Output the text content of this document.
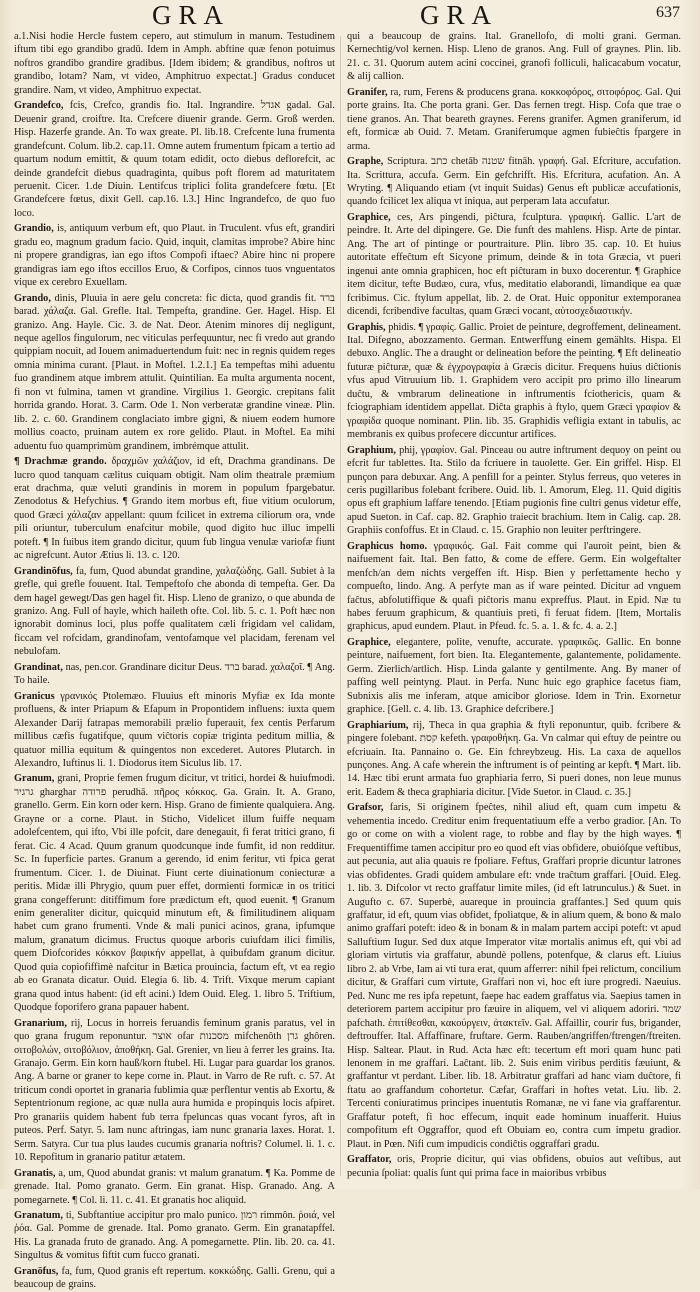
GRA	GRA	637

a.1.Nisi hodie Hercle fustem cepero, aut stimulum in manum. Testudinem iftum tibi ego grandibo gradū. Idem in Amph. abftine quæ fenon potuimus noftros grandibo grandire gradibus. [Idem ibidem; & grandibus, noftros ut grandibo, lotam? Nam, vt video, Amphitruo expectat.] Gradus conducet grandire. Nam, vt video, Amphitruo expectat.

Grandefco, fcis, Crefco, grandis fio. Ital. Ingrandire. אגדל gadal. Gal. Deuenir grand, croiftre. Ita. Crefcere diuenir grande. Germ. Groß werden. Hisp. Hazerfe grande. An. To wax greate. Pl. lib.18. Crefcente luna frumenta grandefcunt. Colum. lib.2. cap.11. Omne autem frumentum fpicam a tertio ad quartum nodum emittit, & quum totam edidit, octo diebus deflorefcit, ac deinde grandefcit diebus quadraginta, quibus poft florem ad maturitatem peruenit. Cicer. 1.de Diuin. Lentifcus triplici folita grandefcere fœtu. [Et Grandefcere fœtus, dixit Gell. cap.16. l.3.] Hinc Ingrandefco, de quo fuo loco.

Grandio, is, antiquum verbum eft, quo Plaut. in Truculent. vfus eft, grandiri gradu eo, magnum gradum facio. Quid, inquit, clamitas improbe? Abire hinc ni propere grandigras, ian ego iftos Compofi iftaec? Abire hinc ni propere grandigras iam ego iftos eccillos Eruo, & Corfipos, cinnos tuos vnguentatos vique ex cerebro Exuellam.

Grando, dinis, Pluuia in aere gelu concreta: fic dicta, quod grandis fit. ברד barad. χάλαζα. Gal. Grefle. Ital. Tempefta, grandine. Ger. Hagel. Hisp. El granizo. Ang. Hayle. Cic. 3. de Nat. Deor. Atenim minores dij negligunt, neque agellos fingulorum, nec viticulas perfequuntur, nec fi vredo aut grando quippiam nocuit, ad Iouem animaduertendum fuit: nec in regnis quidem reges omnia minima curant. [Plaut. in Moftel. 1.2.1.] Ea tempeftas mihi aduentu fuo grandinem atque imbrem attulit. Quintilian. Ea multa argumenta nocent, fi non vt fulmina, tamen vt grandine. Virgilius 1. Georgic. crepitans falit horrida grando. Horat. 3. Carm. Ode 1. Non verberatæ grandine vineæ. Plin. lib. 2. c. 60. Grandinem conglaciato imbre gigni, & niuem eodem humore mollius coacto, pruinam autem ex rore gelido. Plaut. in Moftel. Ea mihi aduentu fuo quamprimùm grandinem, imbrémque attulit.

¶ Drachmæ grando. δραχμῶν χαλάζιον, id eft, Drachma grandinans. De lucro quod tanquam cælitus cuiquam obtigit. Nam olim theatrale præmium erat drachma, quæ veluti grandinis in morem in populum fpargebatur. Zenodotus & Hefychius. ¶ Grando item morbus eft, fiue vitium oculorum, quod Græci χάλαζαν appellant: quum fcilicet in extrema ciliorum ora, vnde pili oriuntur, tuberculum enafcitur mobile, quod digito huc illuc impelli poteft. ¶ In fuibus item grando dicitur, quum fub lingua venulæ variofæ fiunt ac nigrefcunt. Autor Ætius li. 13. c. 120.

Grandinōfus, fa, fum, Quod abundat grandine, χαλαζώδης. Gall. Subiet à la grefle, qui grefle fouuent. Ital. Tempeftofo che abonda di tempefta. Ger. Da dem hagel gewegt/Das gen hagel fit. Hisp. Lleno de granizo, o que abundа de granizo. Ang. Full of hayle, which haileth ofte. Col. lib. 5. c. 1. Poft hæc non ignorabit dominus loci, plus poffe qualitatem cæli frigidam vel calidam, ficcam vel rofcidam, grandinofam, ventofamque vel placidam, ferenam vel nebulofam.

Grandinat, nas, pen.cor. Grandinare dicitur Deus. ברד barad. χαλαζοῖ. ¶ Ang. To haile.

Granicus γρανικός Ptolemæo. Fluuius eft minoris Myfiæ ex Ida monte profluens, & inter Priapum & Efapum in Propontidem influens: iuxta quem Alexander Darij fatrapas memorabili prælio fuperauit, fex centis Perfarum millibus cæfis fugatifque, quum viĉtoris copiæ triginta peditum millia, & quatuor millia equitum & quingentos non excederet. Autores Plutarch. in Alexandro, Iuftinus li. 1. Diodorus item Siculus lib. 17.

Granum, grani, Proprie femen frugum dicitur, vt tritici, hordei & huiufmodi. גרגיר gharghar פרודה perudhā. πῆρος κόκκος. Ga. Grain. It. A. Grano, granello. Germ. Ein korn oder kern. Hisp. Grano de fimiente qualquiera. Ang. Grayne or a corne. Plaut. in Sticho, Videlicet illum fuiffe nequam adolefcentem, qui ifto, Vbi ille pofcit, dare denegauit, fi ferat tritici grano, fi ferat. Cic. 4 Acad. Quum granum quodcunque inde fumfit, id non redditur. Sc. In fuperficie partes. Granum a gerendo, id enim feritur, vti fpica gerat frumentum. Cicer. 1. de Diuinat. Fiunt certe diuinationum coniecturæ a peritis. Midæ illi Phrygio, quum puer effet, dormienti formicæ in os tritici grana congefferunt: ditiffimum fore prædictum eft, quod euenit. ¶ Granum enim generaliter dicitur, quicquid minutum eft, & fimilitudinem aliquam habet cum grano frumenti. Vnde & mali punici acinos, grana, ipfumque malum, granatum dicimus. Fructus quoque arboris cuiufdam ilici fimilis, quem Diofcorides κόκκον βαφικήν appellat, à quibufdam granum dicitur. Quod quia copiofiffimè nafcitur in Bætica prouincia, factum eft, vt ea regio ab eo Granata dicatur. Ouid. Elegia 6. lib. 4. Trift. Vixque merum capiant grana quod intus habent: (id eft acini.) Idem Ouid. Eleg. 1. libro 5. Triftium, Quodque foporifero grana papauer habent.

Granarium, rij, Locus in horreis feruandis feminum granis paratus, vel in quo grana frugum reponuntur. אוצר ofar מסכנות mifchenôth גרן ghôren. σιτοβολών, σιτοβόλιον, ἀποθήκη. Gal. Grenier, vn lieu à ferrer les grains. Ita. Granajo. Germ. Ein korn hauß/korn ftubel. Hi. Lugar para guardar los granos. Ang. A barne or graner to kepe corne in. Plaut. in Varro de Re ruft. c. 57. At triticum condi oportet in granaria fublimia quæ perflentur ventis ab Exortu, & Septentrionum regione, ac quæ nulla aura humida e propinquis locis afpiret. Pro granariis quidem habent fub terra fpeluncas quas vocant fyros, aft in puteos. Perf. Satyr. 5. Iam nunc aftringas, iam nunc granaria laxes. Horat. 1. Serm. Satyra. Cur tua plus laudes cucumis granaria noftris? Columel. li. 1. c. 10. Repofitum in granario patitur ætatem.

Granatis, a, um, Quod abundat granis: vt malum granatum. ¶ Ka. Pomme de grenade. Ital. Pomo granato. Germ. Ein granat. Hisp. Granado. Ang. A pomegarnete. ¶ Col. li. 11. c. 41. Et granatis hoc aliquid.

Granatum, ti, Subftantiue accipitur pro malo punico. רמון rimmôn. ῥοιά, vel ῥόα. Gal. Pomme de grenade. Ital. Pomo granato. Germ. Ein granatapffel. His. La granada fruto de granado. Ang. A pomegarnette. Plin. lib. 20. ca. 41. Singultus & vomitus fiftit cum fucco granati.

Granōfus, fa, fum, Quod granis eft repertum. κοκκώδης. Galli. Grenu, qui a beaucoup de grains.

qui a beaucoup de grains. Ital. Granellofo, di molti grani. German. Kernechtig/vol kernen. Hisp. Lleno de granos. Ang. Full of graynes. Plin. lib. 21. c. 31. Quorum autem acini coccinei, granofi folliculi, halicacabum vocatur, & alij callion.

Granifer, ra, rum, Ferens & producens grana. κοκκοφόρος, σιτοφόρος. Gal. Qui porte grains. Ita. Che porta grani. Ger. Das fernen tregt. Hisp. Cofa que trae o tiene granos. An. That beareth graynes. Ferens granifer. Agmen graniferum, id eft, formicæ ab Ouid. 7. Metam. Graniferumque agmen fubieĉtis fpargere in arma.

Graphe, Scriptura. כתב chetāb שטנה fitnāh. γραφή. Gal. Efcriture, accufation. Ita. Scrittura, accufa. Germ. Ein gefchrifft. His. Efcritura, acufation. An. A Wryting. ¶ Aliquando etiam (vt inquit Suidas) Genus eft publicæ accufationis, quando fcilicet lex aliqua vt iniqua, aut perperam lata accufatur.

Graphice, ces, Ars pingendi, piĉtura, fculptura. γραφική. Gallic. L'art de peindre. It. Arte del dipingere. Ge. Die funft des mahlens. Hisp. Arte de pintar. Ang. The art of pintinge or pourtraiture. Plin. libro 35. cap. 10. Et huius autoritate effeĉtum eft Sicyone primum, deinde & in tota Græcia, vt pueri ingenui ante omnia graphicen, hoc eft piĉturam in buxo docerentur. ¶ Graphice item dicitur, tefte Budæo, cura, vfus, meditatio elaborandi, limandique ea quæ fcribimus. Cic. ftylum appellat, lib. 2. de Orat. Huic opponitur extemporanea dicendi, fcribendive facultas, quam Græci vocant, αὐτοσχεδιαστικήν.

Graphis, phidis. ¶ γραφίς. Gallic. Proiet de peinture, degroffement, delineament. Ital. Difegno, abozzamento. German. Entwerffung einem gemählts. Hispa. El debuxo. Anglic. The a draught or delineation before the peinting. ¶ Eft delineatio futuræ piĉturæ, quæ & ἐγχρογραφία à Græcis dicitur. Frequens huius diĉtionis vfus apud Vitruuium lib. 1. Graphidem vero accipit pro primo illo linearum duĉtu, & vmbrarum delineatione in inftrumentis fciothericis, quam & fciographiam identidem appellat. Diĉta graphis à ftylo, quem Græci γραφίον & γραφίδα quoque nominant. Plin. lib. 35. Graphidis vefligia extant in tabulis, ac membranis ex quibus profecere diccuntur artifices.

Graphium, phij, γραφίον. Gal. Pinceau ou autre inftrument dequoy on peint ou efcrit fur tablettes. Ita. Stilo da fcriuere in tauolette. Ger. Ein griffel. Hisp. El punçon para debuxar. Ang. A penfill for a peinter. Stylus ferreus, quo veteres in ceris pugillaribus folebant fcribere. Ouid. lib. 1. Amorum, Eleg. 11. Quid digitis opus eft graphium laffare tenendo. [Etiam pugionis fine cultri genus videtur effe, apud Sueton. in Caf. cap. 82. Graphio traiecit brachium. Item in Calig. cap. 28. Graphiis confoffus. Et in Claud. c. 15. Graphio non leuiter perftringere.

Graphicus homo. γραφικός. Gal. Fait comme qui l'auroit peint, bien & naifuement fait. Ital. Ben fatto, & come de effere. Germ. Ein wolgeftalter menfch/an dem nichts vergeffen ift. Hisp. Bien y perfettamente hecho y compueſto, lindo. Ang. A perfyte man as if ware peinted. Dicitur ad vnguem faĉtus, abfolutiffique & quafi piĉtoris manu expreffus. Plaut. in Epid. Næ tu habes feruum graphicum, & quantiuis preti, fi feruat fidem. [Item, Mortalis graphicus, apud eundem. Plaut. in Pfeud. fc. 5. a. 1. & fc. 4. a. 2.]

Graphice, elegantere, polite, venufte, accurate. γραφικῶς. Gallic. En bonne peinture, naifuement, fort bien. Ita. Elegantemente, galantemente, polidamente. Germ. Zierlich/artlich. Hisp. Linda galante y gentilmente. Ang. By maner of paffing well peintyng. Plaut. in Perfa. Nunc huic ego graphice facetus fiam, Subnixis alis me inferam, atque amicibor gloriose. Idem in Trin. Exornetur graphice. [Gell. c. 4. lib. 13. Graphice defcribere.]

Graphiarium, rij, Theca in qua graphia & ftyli reponuntur, quib. fcribere & pingere folebant. קסת kefeth. γραφοθήκη. Ga. Vn calmar qui eftuy de peintre ou efcriuain. Ita. Pannaino o. Ge. Ein fchreybzeug. His. La caxa de aquellos punçones. Ang. A cafe wherein the inftrument is of peinting ar kepft. ¶ Mart. lib. 14. Hæc tibi erunt armata fuo graphiaria ferro, Si pueri dones, non leue munus erit. Eadem & theca graphiaria dicitur. [Vide Suetor. in Claud. c. 35.]

Grafsor, faris, Si originem fpeĉtes, nihil aliud eft, quam cum impetu & vehementia incedo. Creditur enim frequentatiuum effe a verbo gradior. [An. To go or come on with a violent rage, to robbe and flay by the high wayes. ¶ Frequentiffime tamen accipitur pro eo quod eft vias obfidere, obuióſque veftibus, aut pecunia, aut alia quauis re fpoliare. Feftus, Graffari proprie dicuntur latrones vias obfidentes. Gradi quidem ambulare eft: vnde traĉtum graffari. [Ouid. Eleg. 1. lib. 3. Difcolor vt recto graffatur limite miles, (id eft latrunculus.) & Suet. in Augufto c. 67. Superbè, auareque in prouincia graffantes.] Sed quum quis graffatur, id eft, quum vias obfidet, fpoliatque, & in alium quem, & bono & malo animo graffari poteft: ideo & in bonam & in malam partem accipi poteft: vt apud Salluftium Iugur. Sed dux atque Imperator vitæ mortalis animus eft, qui vbi ad gloriam virtutis via graffatur, abundè pollens, potenfque, & clarus eft. Liuius libro 2. ab Vrbe, Iam ai vti tura erat, quum afferrer: nihil fpei relictum, concilium dicitur, & Graffari cum virtute, Graffari non vi, hoc eft iure progredi. Naeuius. Ped. Nunc me res ipfa repetunt, faepe hac eadem graffatus via. Saepius tamen in deteriorem partem accipitur pro fæuire in aliquem, vel vi aliquem adoriri. שמד pafchath. ἐπιτίθεσθαι, κακούργειν, ἀτακτεῖν. Gal. Affaillir, courir fus, brigander, deftrouffer. Ital. Affaffinare, fruftare. Germ. Rauben/angriffen/ftrengen/ftreiten. Hisp. Saltear. Plaut. in Rud. Acta hæc eft: tecertum eft mori quam hunc pati lenonem in me graffari. Laĉtant. lib. 2. Suis enim viribus perditis fæuiunt, & graffantur vt perdant. Liber. lib. 18. Arbitratur graffari ad hanc viam duĉtore, fi ftatu ao graffandum cohortetur. Cæfar, Graffari in hoftes vetat. Liu. lib. 2. Tercenti coniuratimus principes inuentutis Romanæ, ne vi fane via graffarentur. Graffatur poteft, fi hoc effecum, inquit eade hominum inuafferit. Huius compofitum eft Oggraffor, quod eft Obuiam eo, contra cum impetu gradior. Plaut. in Pœn. Nifi cum impudicis condiĉtis oggraffari gradu.

Graffator, oris, Proprie dicitur, qui vias obfidens, obuios aut veſtibus, aut pecunia ſpoliat: qualis ſunt qui prima face in maioribus vrbibus
